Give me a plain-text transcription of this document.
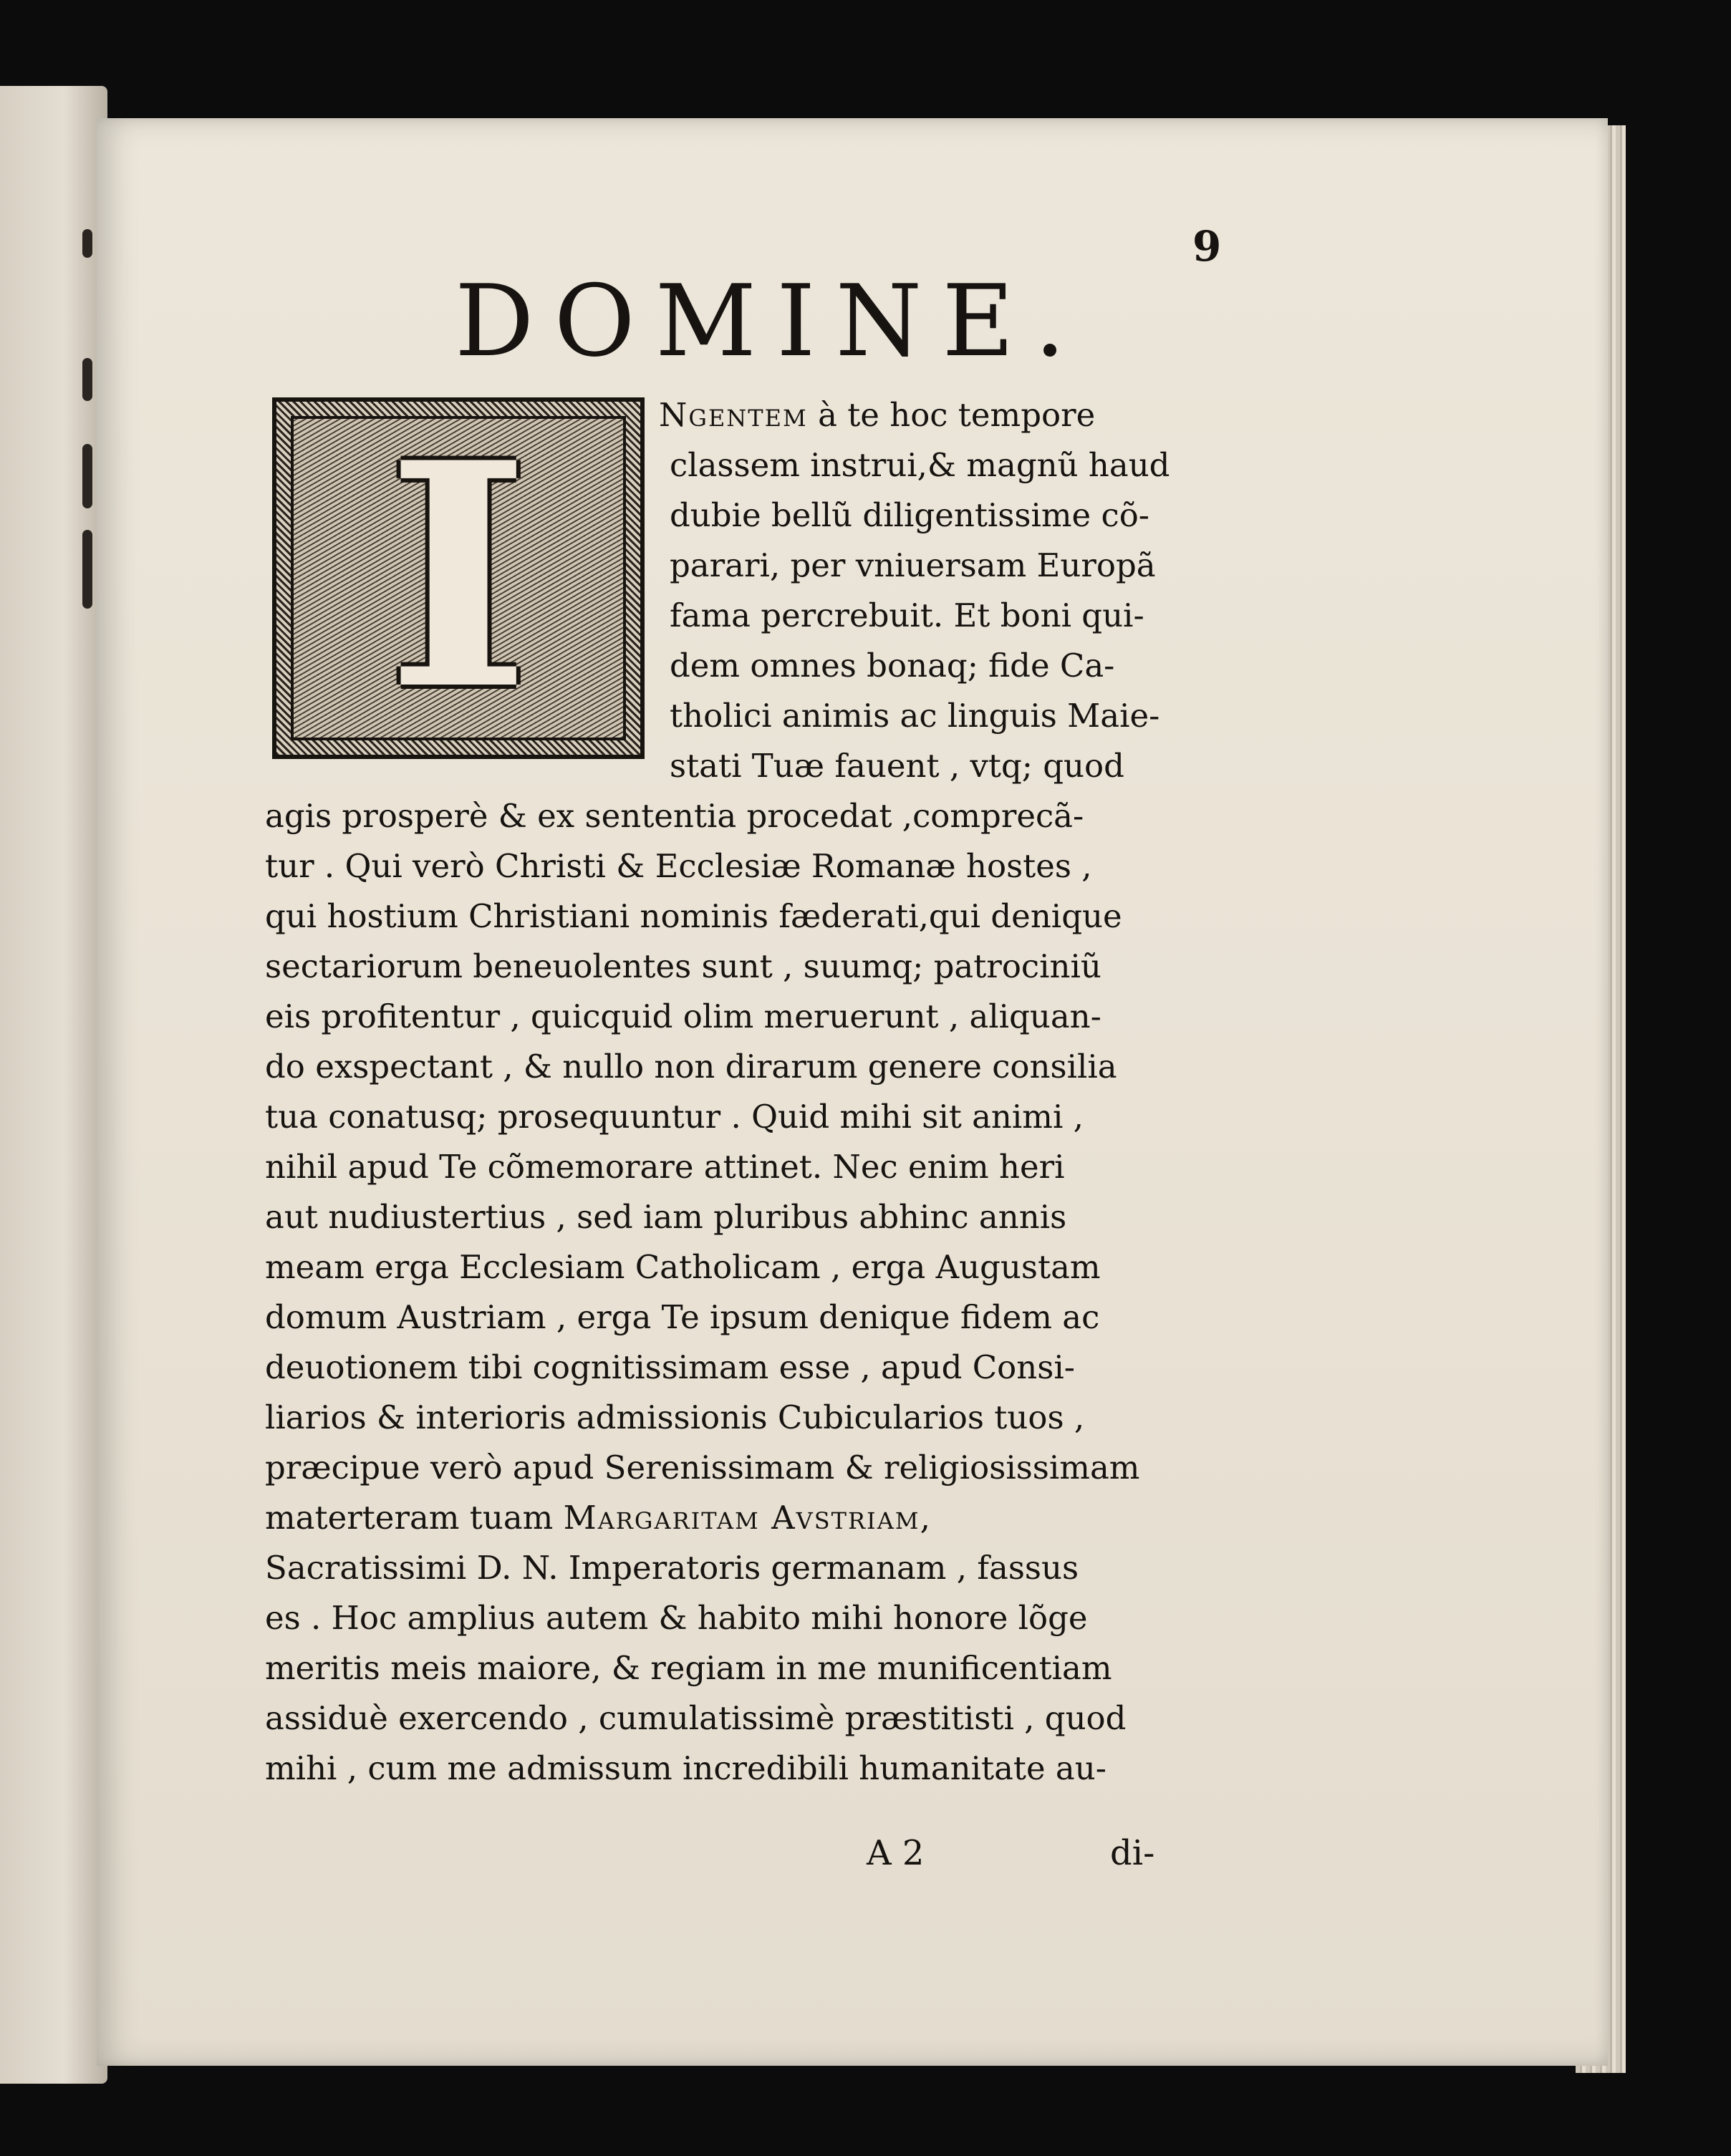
9
DOMINE.
I	Ngentem à te hoc tempore
classem instrui,& magnũ haud
dubie bellũ diligentissime cõ-
parari, per vniuersam Europã
fama percrebuit. Et boni qui-
dem omnes bonaq; fide Ca-
tholici animis ac linguis Maie-
stati Tuæ fauent , vtq; quod
agis prosperè & ex sententia procedat ,comprecã-
tur . Qui verò Christi & Ecclesiæ Romanæ hostes ,
qui hostium Christiani nominis fæderati,qui denique
sectariorum beneuolentes sunt , suumq; patrociniũ
eis profitentur , quicquid olim meruerunt , aliquan-
do exspectant , & nullo non dirarum genere consilia
tua conatusq; prosequuntur . Quid mihi sit animi ,
nihil apud Te cõmemorare attinet. Nec enim heri
aut nudiustertius , sed iam pluribus abhinc annis
meam erga Ecclesiam Catholicam , erga Augustam
domum Austriam , erga Te ipsum denique fidem ac
deuotionem tibi cognitissimam esse , apud Consi-
liarios & interioris admissionis Cubicularios tuos ,
præcipue verò apud Serenissimam & religiosissimam
materteram tuam Margaritam Avstriam,
Sacratissimi D. N. Imperatoris germanam , fassus
es . Hoc amplius autem & habito mihi honore lõge
meritis meis maiore, & regiam in me munificentiam
assiduè exercendo , cumulatissimè præstitisti , quod
mihi , cum me admissum incredibili humanitate au-
A 2	di-
